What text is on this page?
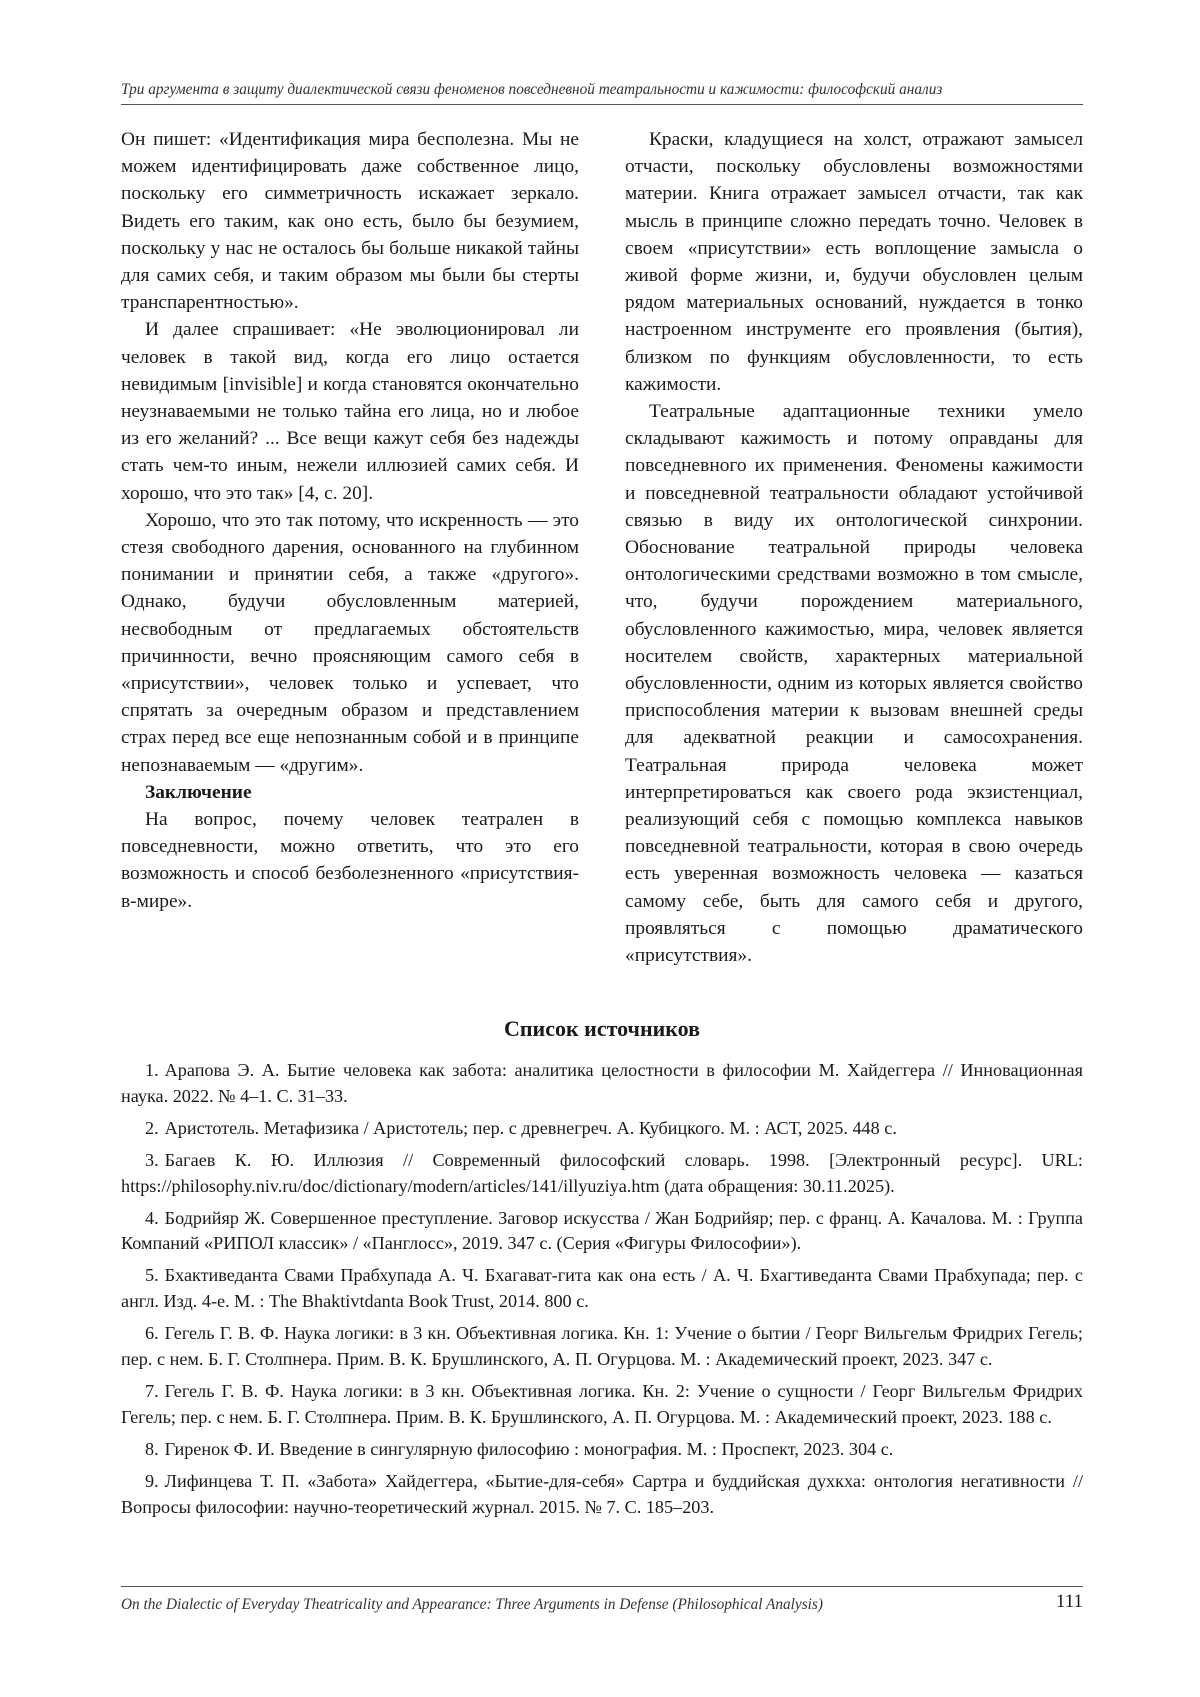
Три аргумента в защиту диалектической связи феноменов повседневной театральности и кажимости: философский анализ

Он пишет: «Идентификация мира бесполезна. Мы не можем идентифицировать даже собственное лицо, поскольку его симметричность искажает зеркало. Видеть его таким, как оно есть, было бы безумием, поскольку у нас не осталось бы больше никакой тайны для самих себя, и таким образом мы были бы стерты транспарентностью».

И далее спрашивает: «Не эволюционировал ли человек в такой вид, когда его лицо остается невидимым [invisible] и когда становятся окончательно неузнаваемыми не только тайна его лица, но и любое из его желаний? ... Все вещи кажут себя без надежды стать чем-то иным, нежели иллюзией самих себя. И хорошо, что это так» [4, с. 20].

Хорошо, что это так потому, что искренность — это стезя свободного дарения, основанного на глубинном понимании и принятии себя, а также «другого». Однако, будучи обусловленным материей, несвободным от предлагаемых обстоятельств причинности, вечно проясняющим самого себя в «присутствии», человек только и успевает, что спрятать за очередным образом и представлением страх перед все еще непознанным собой и в принципе непознаваемым — «другим».

Заключение

На вопрос, почему человек театрален в повседневности, можно ответить, что это его возможность и способ безболезненного «присутствия-в-мире».

Краски, кладущиеся на холст, отражают замысел отчасти, поскольку обусловлены возможностями материи. Книга отражает замысел отчасти, так как мысль в принципе сложно передать точно. Человек в своем «присутствии» есть воплощение замысла о живой форме жизни, и, будучи обусловлен целым рядом материальных оснований, нуждается в тонко настроенном инструменте его проявления (бытия), близком по функциям обусловленности, то есть кажимости.

Театральные адаптационные техники умело складывают кажимость и потому оправданы для повседневного их применения. Феномены кажимости и повседневной театральности обладают устойчивой связью в виду их онтологической синхронии. Обоснование театральной природы человека онтологическими средствами возможно в том смысле, что, будучи порождением материального, обусловленного кажимостью, мира, человек является носителем свойств, характерных материальной обусловленности, одним из которых является свойство приспособления материи к вызовам внешней среды для адекватной реакции и самосохранения. Театральная природа человека может интерпретироваться как своего рода экзистенциал, реализующий себя с помощью комплекса навыков повседневной театральности, которая в свою очередь есть уверенная возможность человека — казаться самому себе, быть для самого себя и другого, проявляться с помощью драматического «присутствия».

Список источников
1. Арапова Э. А. Бытие человека как забота: аналитика целостности в философии М. Хайдеггера // Инновационная наука. 2022. № 4–1. С. 31–33.
2. Аристотель. Метафизика / Аристотель; пер. с древнегреч. А. Кубицкого. М. : АСТ, 2025. 448 с.
3. Багаев К. Ю. Иллюзия // Современный философский словарь. 1998. [Электронный ресурс]. URL: https://philosophy.niv.ru/doc/dictionary/modern/articles/141/illyuziya.htm (дата обращения: 30.11.2025).
4. Бодрийяр Ж. Совершенное преступление. Заговор искусства / Жан Бодрийяр; пер. с франц. А. Качалова. М. : Группа Компаний «РИПОЛ классик» / «Панглосс», 2019. 347 с. (Серия «Фигуры Философии»).
5. Бхактиведанта Свами Прабхупада А. Ч. Бхагават-гита как она есть / А. Ч. Бхагтиведанта Свами Прабхупада; пер. с англ. Изд. 4-е. М. : The Bhaktivtdanta Book Trust, 2014. 800 с.
6. Гегель Г. В. Ф. Наука логики: в 3 кн. Объективная логика. Кн. 1: Учение о бытии / Георг Вильгельм Фридрих Гегель; пер. с нем. Б. Г. Столпнера. Прим. В. К. Брушлинского, А. П. Огурцова. М. : Академический проект, 2023. 347 с.
7. Гегель Г. В. Ф. Наука логики: в 3 кн. Объективная логика. Кн. 2: Учение о сущности / Георг Вильгельм Фридрих Гегель; пер. с нем. Б. Г. Столпнера. Прим. В. К. Брушлинского, А. П. Огурцова. М. : Академический проект, 2023. 188 с.
8. Гиренок Ф. И. Введение в сингулярную философию : монография. М. : Проспект, 2023. 304 с.
9. Лифинцева Т. П. «Забота» Хайдеггера, «Бытие-для-себя» Сартра и буддийская духкха: онтология негативности // Вопросы философии: научно-теоретический журнал. 2015. № 7. С. 185–203.
On the Dialectic of Everyday Theatricality and Appearance: Three Arguments in Defense (Philosophical Analysis)	111
